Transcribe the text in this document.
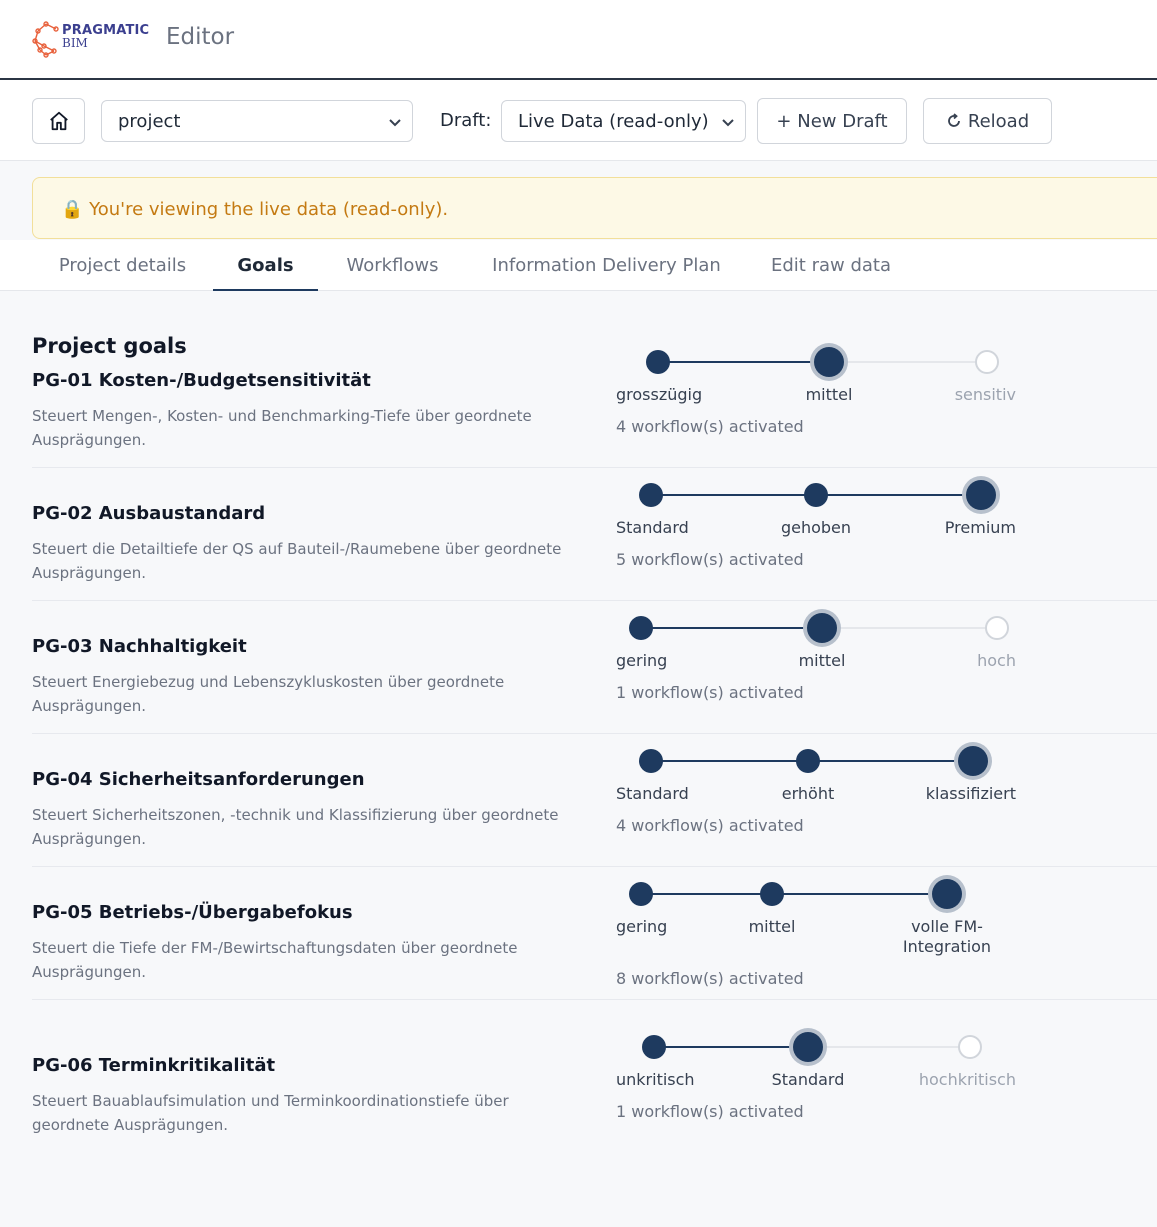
PRAGMATIC
BIM	Editor
project	Draft: Live Data (read-only)	+ New Draft	Reload
🔒 You're viewing the live data (read-only).
Project details	Goals	Workflows	Information Delivery Plan	Edit raw data
Project goals
PG-01 Kosten-/Budgetsensitivität
Steuert Mengen-, Kosten- und Benchmarking-Tiefe über geordnete Ausprägungen.
grosszügig	mittel	sensitiv
4 workflow(s) activated
PG-02 Ausbaustandard
Steuert die Detailtiefe der QS auf Bauteil-/Raumebene über geordnete Ausprägungen.
Standard	gehoben	Premium
5 workflow(s) activated
PG-03 Nachhaltigkeit
Steuert Energiebezug und Lebenszykluskosten über geordnete Ausprägungen.
gering	mittel	hoch
1 workflow(s) activated
PG-04 Sicherheitsanforderungen
Steuert Sicherheitszonen, -technik und Klassifizierung über geordnete Ausprägungen.
Standard	erhöht	klassifiziert
4 workflow(s) activated
PG-05 Betriebs-/Übergabefokus
Steuert die Tiefe der FM-/Bewirtschaftungsdaten über geordnete Ausprägungen.
gering	mittel	volle FM-
Integration
8 workflow(s) activated
PG-06 Terminkritikalität
Steuert Bauablaufsimulation und Terminkoordinationstiefe über geordnete Ausprägungen.
unkritisch	Standard	hochkritisch
1 workflow(s) activated
